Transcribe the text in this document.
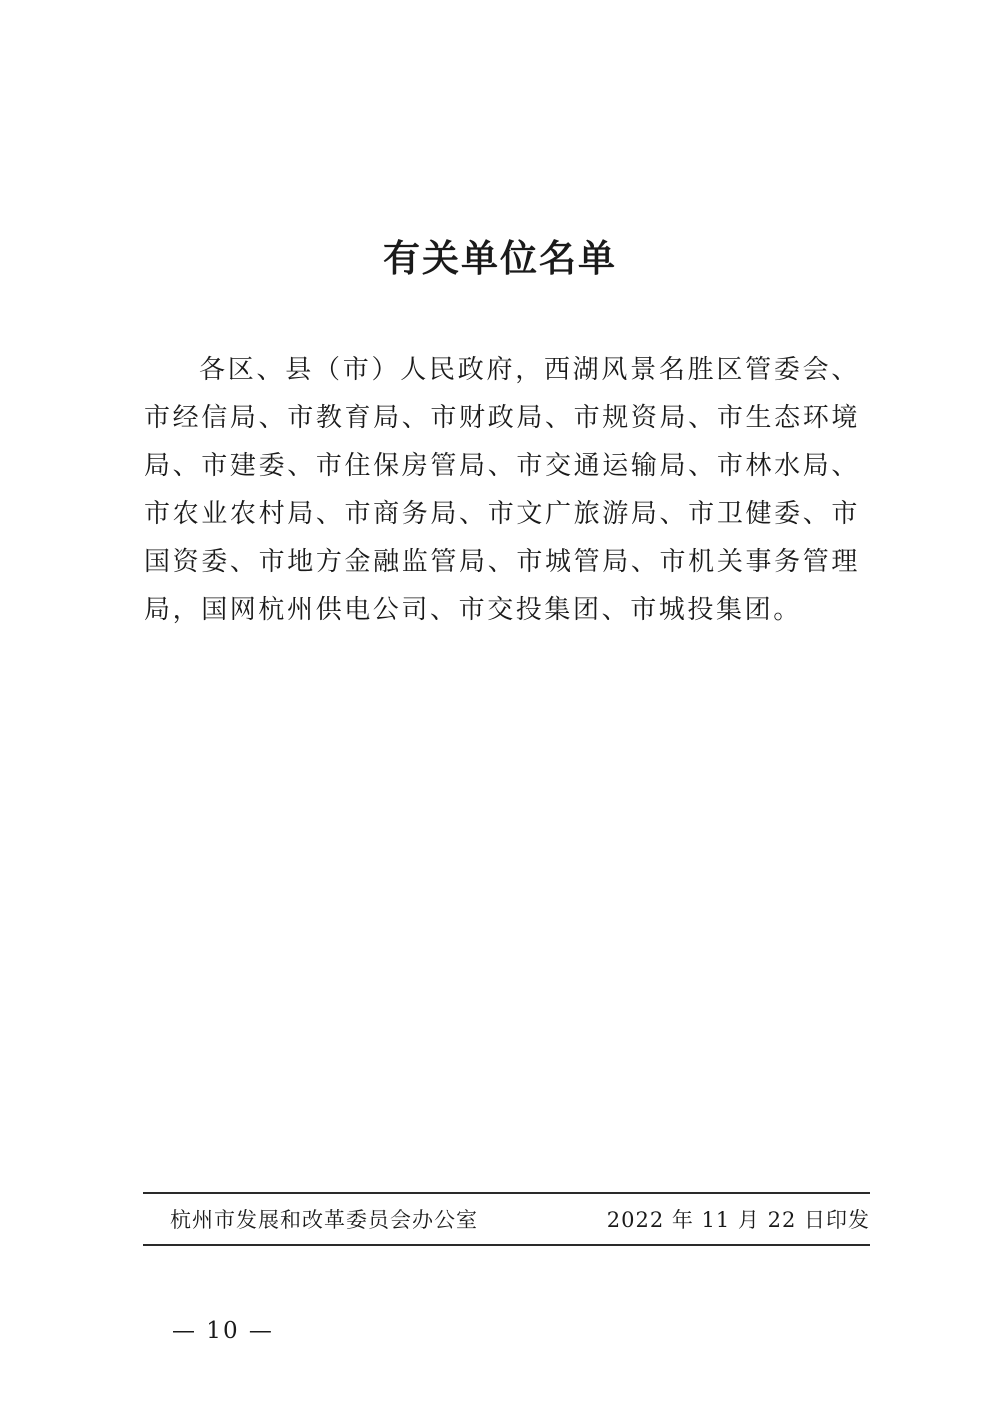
有关单位名单

各区、县（市）人民政府，西湖风景名胜区管委会、市经信局、市教育局、市财政局、市规资局、市生态环境局、市建委、市住保房管局、市交通运输局、市林水局、市农业农村局、市商务局、市文广旅游局、市卫健委、市国资委、市地方金融监管局、市城管局、市机关事务管理局，国网杭州供电公司、市交投集团、市城投集团。

杭州市发展和改革委员会办公室	2022 年 11 月 22 日印发
— 10 —
